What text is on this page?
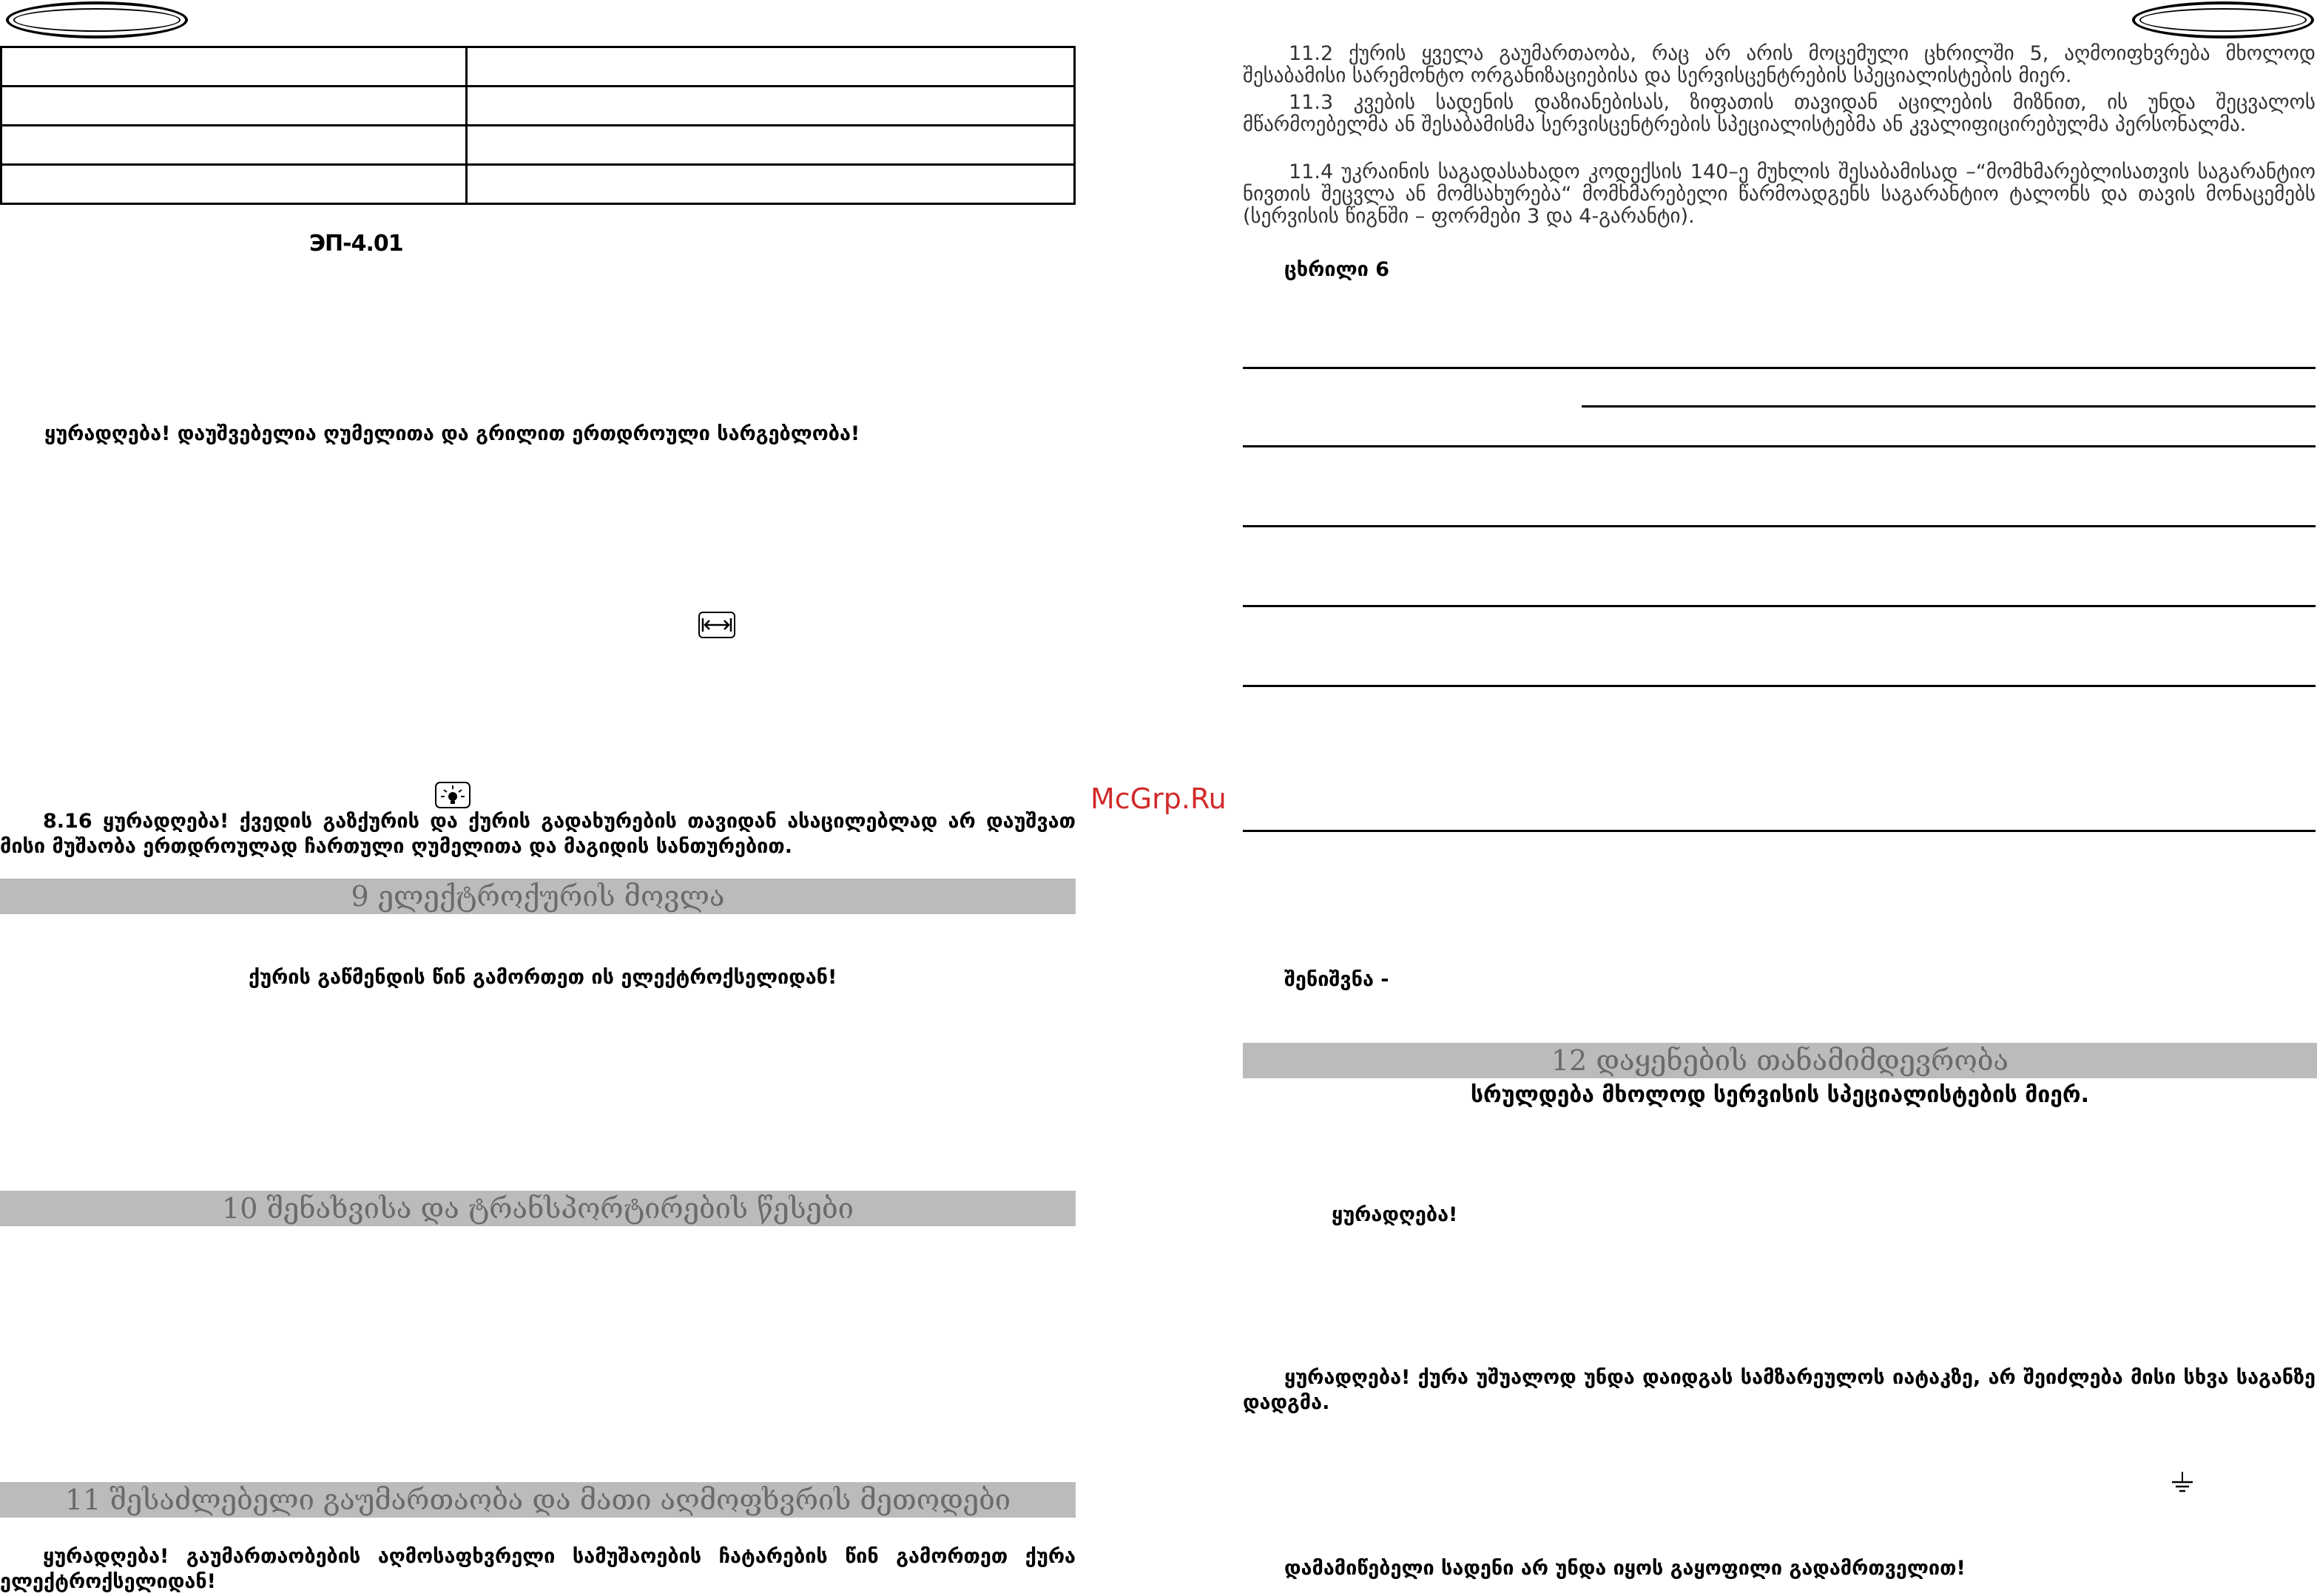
ЭП-4.01
ყურადღება! დაუშვებელია ღუმელითა და გრილით ერთდროული სარგებლობა!
8.16 ყურადღება! ქვედის გაზქურის და ქურის გადახურების თავიდან ასაცილებლად არ დაუშვათ მისი მუშაობა ერთდროულად ჩართული ღუმელითა და მაგიდის სანთურებით.
9 ელექტროქურის მოვლა
ქურის გაწმენდის წინ გამორთეთ ის ელექტროქსელიდან!
10 შენახვისა და ტრანსპორტირების წესები
11 შესაძლებელი გაუმართაობა და მათი აღმოფხვრის მეთოდები
ყურადღება! გაუმართაობების აღმოსაფხვრელი სამუშაოების ჩატარების წინ გამორთეთ ქურა ელექტროქსელიდან!
McGrp.Ru
11.2 ქურის ყველა გაუმართაობა, რაც არ არის მოცემული ცხრილში 5, აღმოიფხვრება მხოლოდ შესაბამისი სარემონტო ორგანიზაციებისა და სერვისცენტრების სპეციალისტების მიერ.
11.3 კვების სადენის დაზიანებისას, ზიფათის თავიდან აცილების მიზნით, ის უნდა შეცვალოს მწარმოებელმა ან შესაბამისმა სერვისცენტრების სპეციალისტებმა ან კვალიფიცირებულმა პერსონალმა.
11.4 უკრაინის საგადასახადო კოდექსის 140–ე მუხლის შესაბამისად –“მომხმარებლისათვის საგარანტიო ნივთის შეცვლა ან მომსახურება“ მომხმარებელი წარმოადგენს საგარანტიო ტალონს და თავის მონაცემებს (სერვისის წიგნში – ფორმები 3 და 4-გარანტი).
ცხრილი 6
შენიშვნა -
12 დაყენების თანამიმდევრობა
სრულდება მხოლოდ სერვისის სპეციალისტების მიერ.
ყურადღება!
ყურადღება! ქურა უშუალოდ უნდა დაიდგას სამზარეულოს იატაკზე, არ შეიძლება მისი სხვა საგანზე დადგმა.
დამამიწებელი სადენი არ უნდა იყოს გაყოფილი გადამრთველით!
